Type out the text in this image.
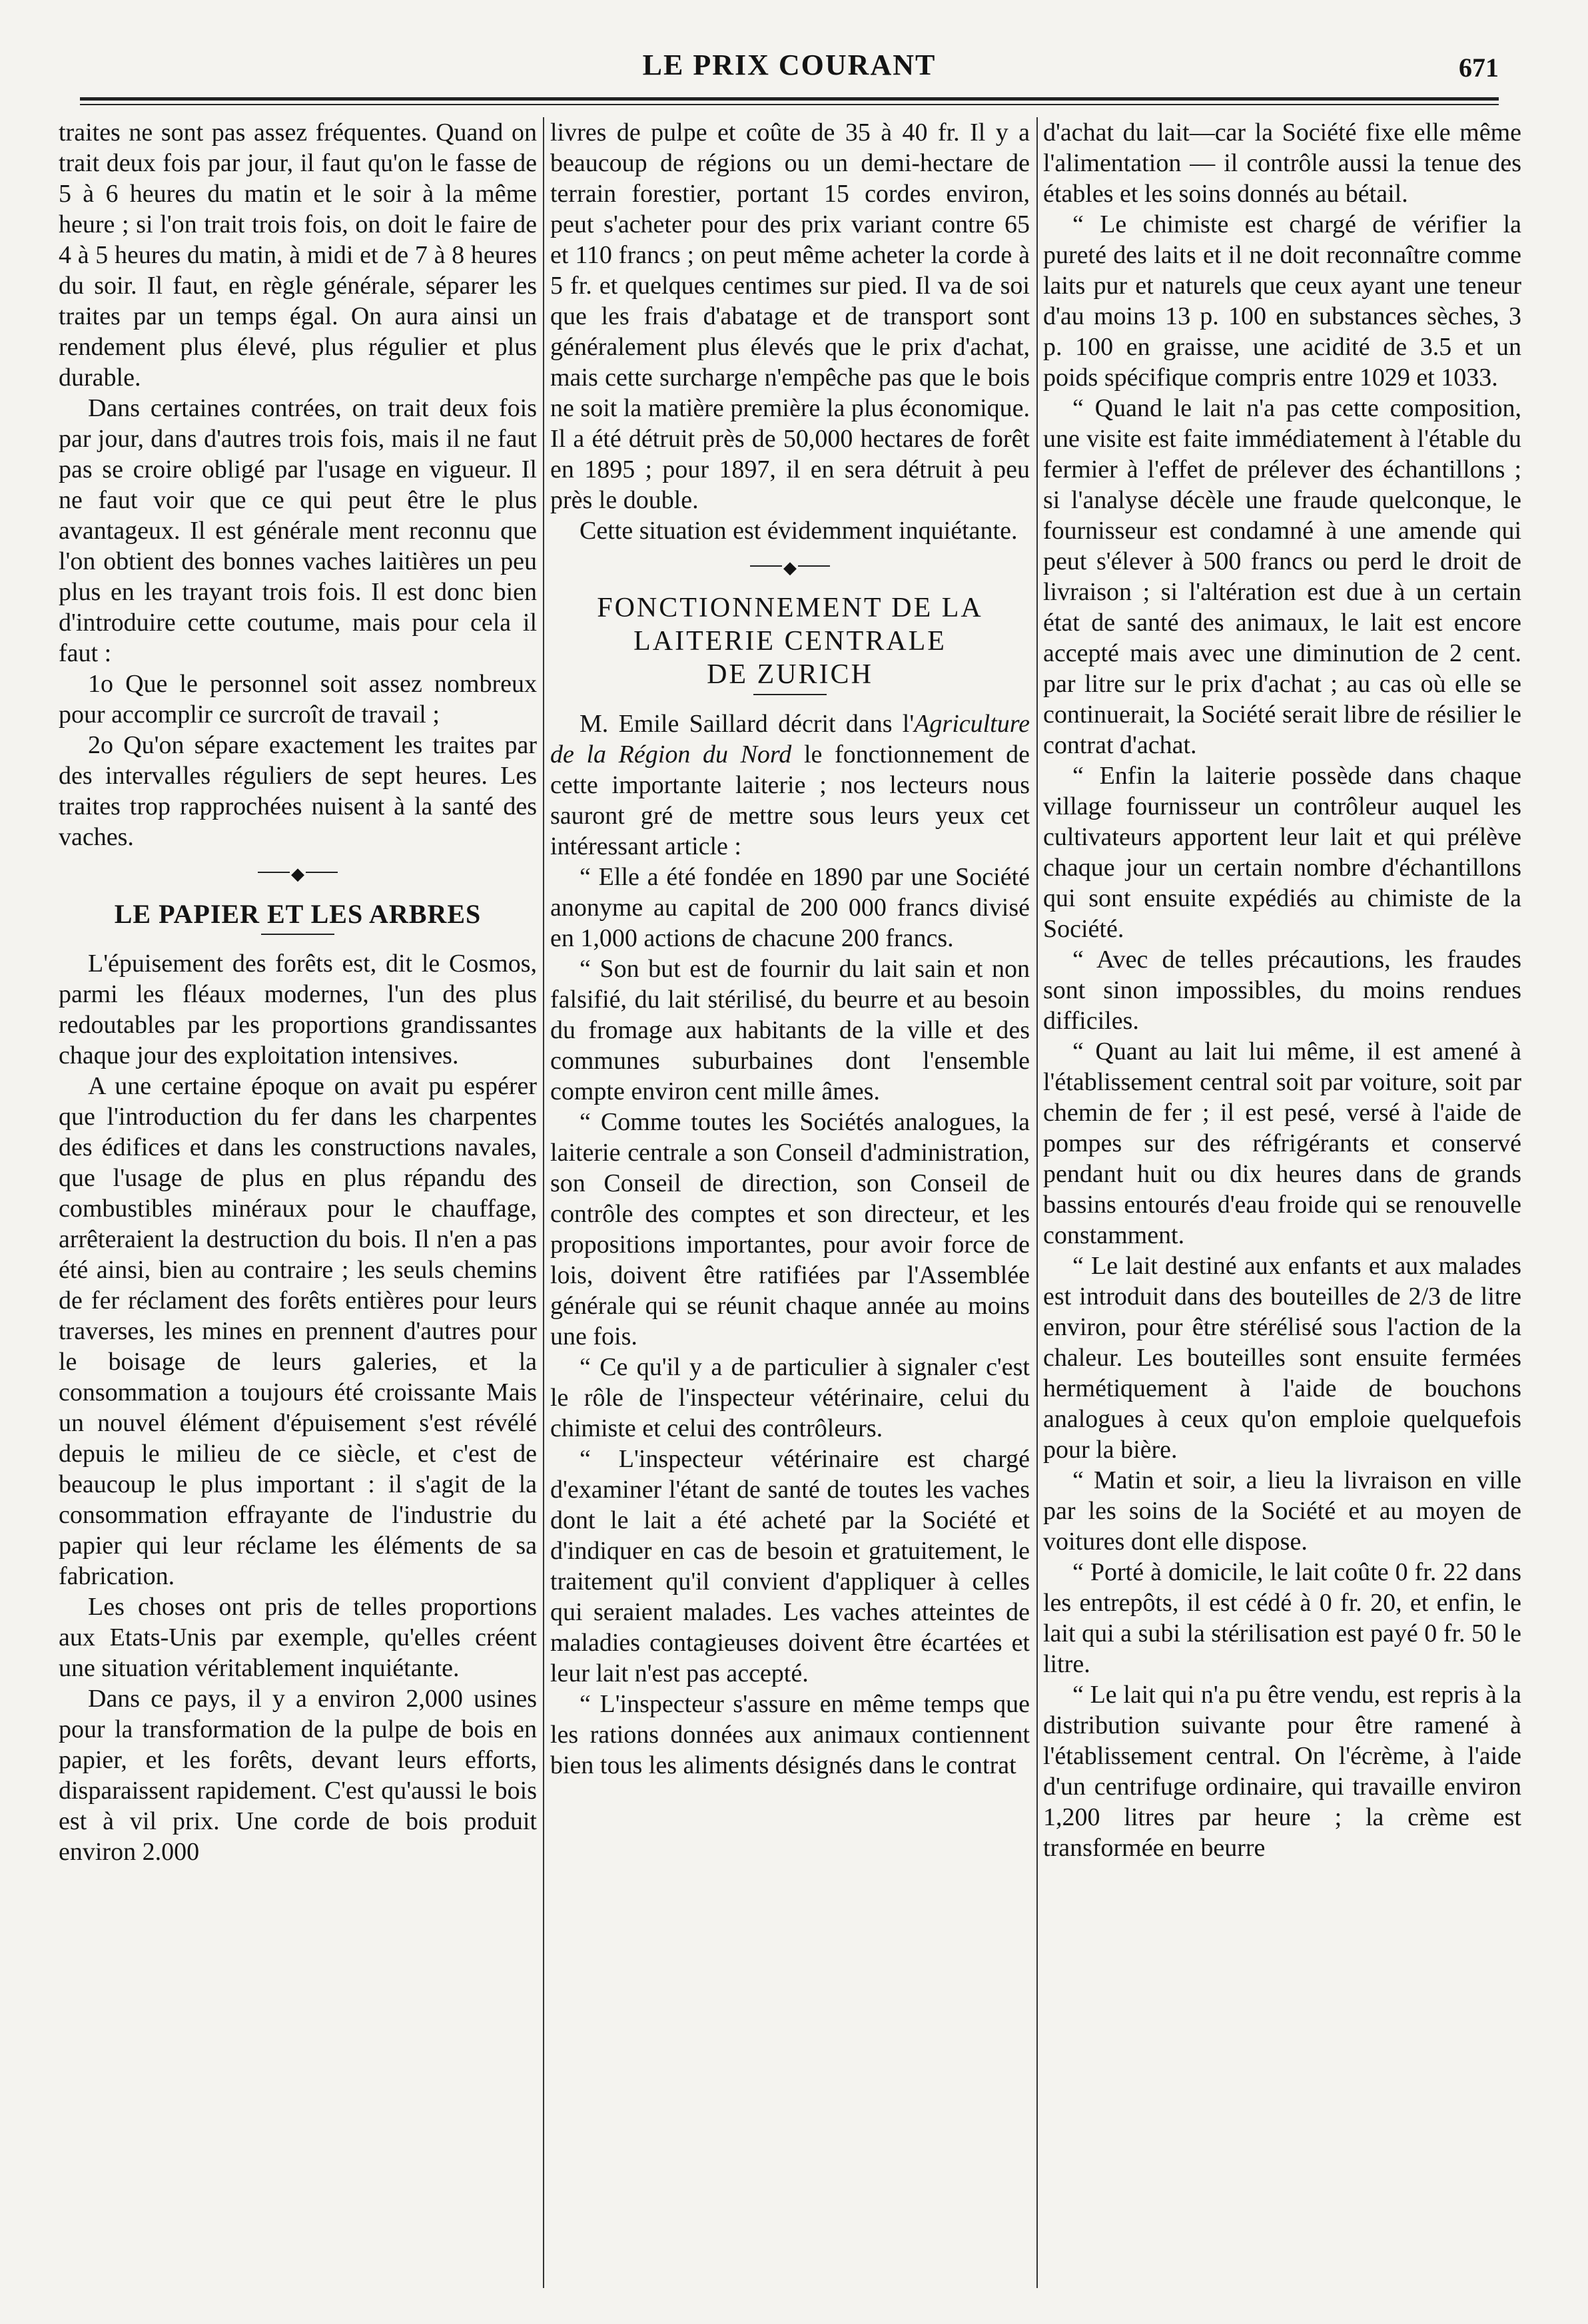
LE PRIX COURANT	671

traites ne sont pas assez fréquentes. Quand on trait deux fois par jour, il faut qu'on le fasse de 5 à 6 heures du matin et le soir à la même heure ; si l'on trait trois fois, on doit le faire de 4 à 5 heures du matin, à midi et de 7 à 8 heures du soir. Il faut, en règle générale, séparer les traites par un temps égal. On aura ainsi un rendement plus élevé, plus régulier et plus durable.

Dans certaines contrées, on trait deux fois par jour, dans d'autres trois fois, mais il ne faut pas se croire obligé par l'usage en vigueur. Il ne faut voir que ce qui peut être le plus avantageux. Il est générale ment reconnu que l'on obtient des bonnes vaches laitières un peu plus en les trayant trois fois. Il est donc bien d'introduire cette coutume, mais pour cela il faut :

1o Que le personnel soit assez nombreux pour accomplir ce surcroît de travail ;

2o Qu'on sépare exactement les traites par des intervalles réguliers de sept heures. Les traites trop rapprochées nuisent à la santé des vaches.

◆
LE PAPIER ET LES ARBRES

L'épuisement des forêts est, dit le Cosmos, parmi les fléaux modernes, l'un des plus redoutables par les proportions grandissantes chaque jour des exploitation intensives.

A une certaine époque on avait pu espérer que l'introduction du fer dans les charpentes des édifices et dans les constructions navales, que l'usage de plus en plus répandu des combustibles minéraux pour le chauffage, arrêteraient la destruction du bois. Il n'en a pas été ainsi, bien au contraire ; les seuls chemins de fer réclament des forêts entières pour leurs traverses, les mines en prennent d'autres pour le boisage de leurs galeries, et la consommation a toujours été croissante Mais un nouvel élément d'épuisement s'est révélé depuis le milieu de ce siècle, et c'est de beaucoup le plus important : il s'agit de la consommation effrayante de l'industrie du papier qui leur réclame les éléments de sa fabrication.

Les choses ont pris de telles proportions aux Etats-Unis par exemple, qu'elles créent une situation véritablement inquiétante.

Dans ce pays, il y a environ 2,000 usines pour la transformation de la pulpe de bois en papier, et les forêts, devant leurs efforts, disparaissent rapidement. C'est qu'aussi le bois est à vil prix. Une corde de bois produit environ 2.000

livres de pulpe et coûte de 35 à 40 fr. Il y a beaucoup de régions ou un demi-hectare de terrain forestier, portant 15 cordes environ, peut s'acheter pour des prix variant contre 65 et 110 francs ; on peut même acheter la corde à 5 fr. et quelques centimes sur pied. Il va de soi que les frais d'abatage et de transport sont généralement plus élevés que le prix d'achat, mais cette surcharge n'empêche pas que le bois ne soit la matière première la plus économique. Il a été détruit près de 50,000 hectares de forêt en 1895 ; pour 1897, il en sera détruit à peu près le double.

Cette situation est évidemment inquiétante.

◆
FONCTIONNEMENT DE LA
LAITERIE CENTRALE
DE ZURICH

M. Emile Saillard décrit dans l'Agriculture de la Région du Nord le fonctionnement de cette importante laiterie ; nos lecteurs nous sauront gré de mettre sous leurs yeux cet intéressant article :

“ Elle a été fondée en 1890 par une Société anonyme au capital de 200 000 francs divisé en 1,000 actions de chacune 200 francs.

“ Son but est de fournir du lait sain et non falsifié, du lait stérilisé, du beurre et au besoin du fromage aux habitants de la ville et des communes suburbaines dont l'ensemble compte environ cent mille âmes.

“ Comme toutes les Sociétés analogues, la laiterie centrale a son Conseil d'administration, son Conseil de direction, son Conseil de contrôle des comptes et son directeur, et les propositions importantes, pour avoir force de lois, doivent être ratifiées par l'Assemblée générale qui se réunit chaque année au moins une fois.

“ Ce qu'il y a de particulier à signaler c'est le rôle de l'inspecteur vétérinaire, celui du chimiste et celui des contrôleurs.

“ L'inspecteur vétérinaire est chargé d'examiner l'étant de santé de toutes les vaches dont le lait a été acheté par la Société et d'indiquer en cas de besoin et gratuitement, le traitement qu'il convient d'appliquer à celles qui seraient malades. Les vaches atteintes de maladies contagieuses doivent être écartées et leur lait n'est pas accepté.

“ L'inspecteur s'assure en même temps que les rations données aux animaux contiennent bien tous les aliments désignés dans le contrat

d'achat du lait—car la Société fixe elle même l'alimentation — il contrôle aussi la tenue des étables et les soins donnés au bétail.

“ Le chimiste est chargé de vérifier la pureté des laits et il ne doit reconnaître comme laits pur et naturels que ceux ayant une teneur d'au moins 13 p. 100 en substances sèches, 3 p. 100 en graisse, une acidité de 3.5 et un poids spécifique compris entre 1029 et 1033.

“ Quand le lait n'a pas cette composition, une visite est faite immédiatement à l'étable du fermier à l'effet de prélever des échantillons ; si l'analyse décèle une fraude quelconque, le fournisseur est condamné à une amende qui peut s'élever à 500 francs ou perd le droit de livraison ; si l'altération est due à un certain état de santé des animaux, le lait est encore accepté mais avec une diminution de 2 cent. par litre sur le prix d'achat ; au cas où elle se continuerait, la Société serait libre de résilier le contrat d'achat.

“ Enfin la laiterie possède dans chaque village fournisseur un contrôleur auquel les cultivateurs apportent leur lait et qui prélève chaque jour un certain nombre d'échantillons qui sont ensuite expédiés au chimiste de la Société.

“ Avec de telles précautions, les fraudes sont sinon impossibles, du moins rendues difficiles.

“ Quant au lait lui même, il est amené à l'établissement central soit par voiture, soit par chemin de fer ; il est pesé, versé à l'aide de pompes sur des réfrigérants et conservé pendant huit ou dix heures dans de grands bassins entourés d'eau froide qui se renouvelle constamment.

“ Le lait destiné aux enfants et aux malades est introduit dans des bouteilles de 2/3 de litre environ, pour être stérélisé sous l'action de la chaleur. Les bouteilles sont ensuite fermées hermétiquement à l'aide de bouchons analogues à ceux qu'on emploie quelquefois pour la bière.

“ Matin et soir, a lieu la livraison en ville par les soins de la Société et au moyen de voitures dont elle dispose.

“ Porté à domicile, le lait coûte 0 fr. 22 dans les entrepôts, il est cédé à 0 fr. 20, et enfin, le lait qui a subi la stérilisation est payé 0 fr. 50 le litre.

“ Le lait qui n'a pu être vendu, est repris à la distribution suivante pour être ramené à l'établissement central. On l'écrème, à l'aide d'un centrifuge ordinaire, qui travaille environ 1,200 litres par heure ; la crème est transformée en beurre
